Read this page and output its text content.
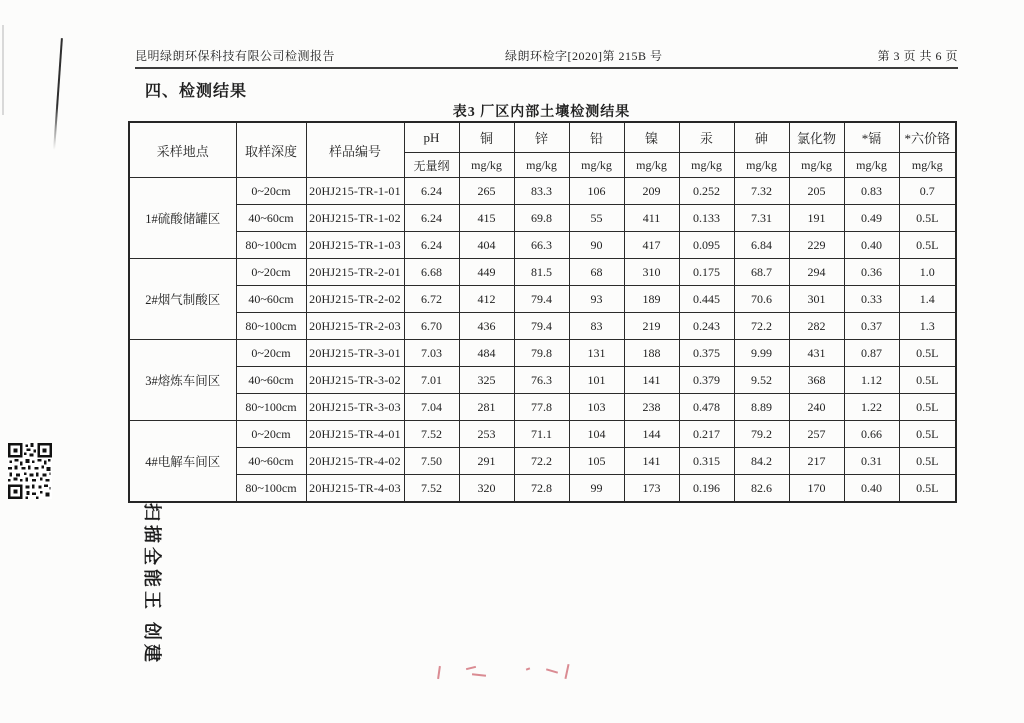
昆明绿朗环保科技有限公司检测报告	绿朗环检字[2020]第 215B 号	第 3 页 共 6 页
四、检测结果
表3 厂区内部土壤检测结果
采样地点	取样深度	样品编号	pH	铜	锌	铅	镍	汞	砷	氯化物	*镉	*六价铬
			无量纲	mg/kg	mg/kg	mg/kg	mg/kg	mg/kg	mg/kg	mg/kg	mg/kg	mg/kg
1#硫酸储罐区	0~20cm	20HJ215-TR-1-01	6.24	265	83.3	106	209	0.252	7.32	205	0.83	0.7
	40~60cm	20HJ215-TR-1-02	6.24	415	69.8	55	411	0.133	7.31	191	0.49	0.5L
	80~100cm	20HJ215-TR-1-03	6.24	404	66.3	90	417	0.095	6.84	229	0.40	0.5L
2#烟气制酸区	0~20cm	20HJ215-TR-2-01	6.68	449	81.5	68	310	0.175	68.7	294	0.36	1.0
	40~60cm	20HJ215-TR-2-02	6.72	412	79.4	93	189	0.445	70.6	301	0.33	1.4
	80~100cm	20HJ215-TR-2-03	6.70	436	79.4	83	219	0.243	72.2	282	0.37	1.3
3#熔炼车间区	0~20cm	20HJ215-TR-3-01	7.03	484	79.8	131	188	0.375	9.99	431	0.87	0.5L
	40~60cm	20HJ215-TR-3-02	7.01	325	76.3	101	141	0.379	9.52	368	1.12	0.5L
	80~100cm	20HJ215-TR-3-03	7.04	281	77.8	103	238	0.478	8.89	240	1.22	0.5L
4#电解车间区	0~20cm	20HJ215-TR-4-01	7.52	253	71.1	104	144	0.217	79.2	257	0.66	0.5L
	40~60cm	20HJ215-TR-4-02	7.50	291	72.2	105	141	0.315	84.2	217	0.31	0.5L
	80~100cm	20HJ215-TR-4-03	7.52	320	72.8	99	173	0.196	82.6	170	0.40	0.5L
扫描全能王 创建
